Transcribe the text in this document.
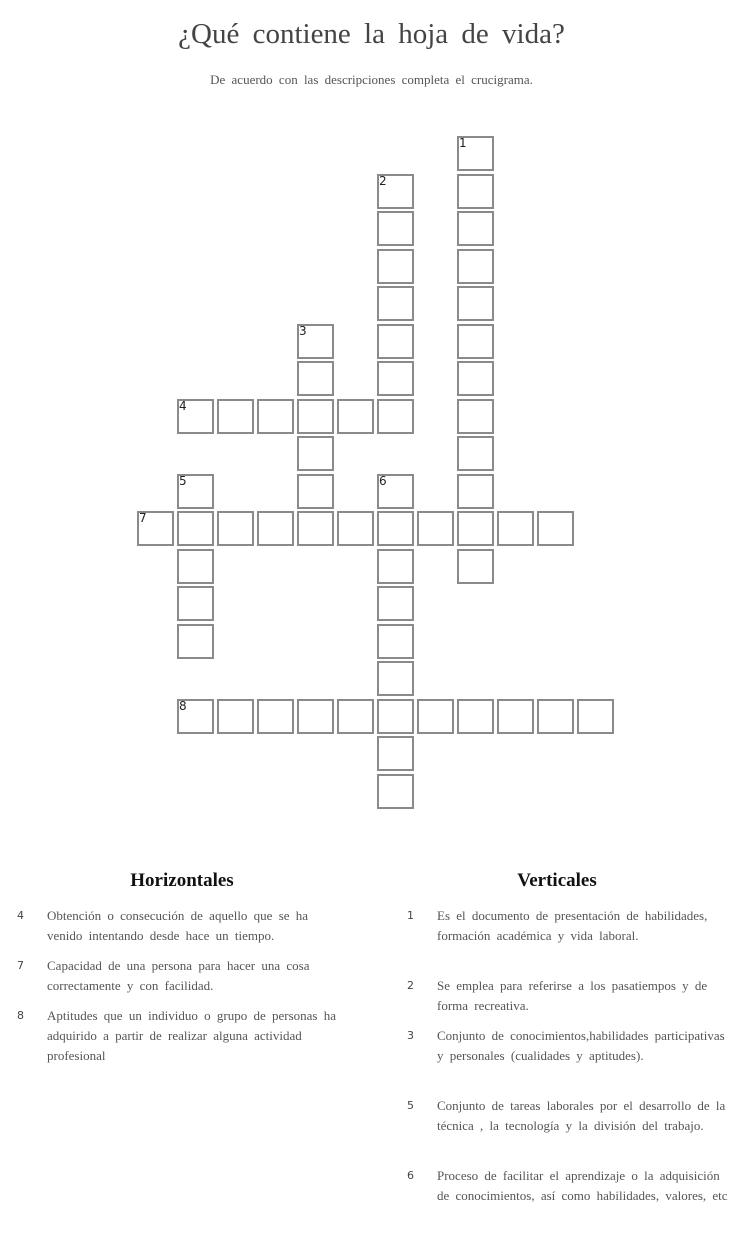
¿Qué contiene la hoja de vida?
De acuerdo con las descripciones completa el crucigrama.
4
7
8
1
2
3
5	6
Horizontales	Verticales
4	Obtención o consecución de aquello que se ha venido intentando desde hace un tiempo.
7	Capacidad de una persona para hacer una cosa correctamente y con facilidad.
8	Aptitudes que un individuo o grupo de personas ha adquirido a partir de realizar alguna actividad profesional
1	Es el documento de presentación de habilidades, formación académica y vida laboral.
2	Se emplea para referirse a los pasatiempos y de forma recreativa.
3	Conjunto de conocimientos,habilidades participativas y personales (cualidades y aptitudes).
5	Conjunto de tareas laborales por el desarrollo de la técnica , la tecnología y la división del trabajo.
6	Proceso de facilitar el aprendizaje o la adquisición de conocimientos, así como habilidades, valores, etc
